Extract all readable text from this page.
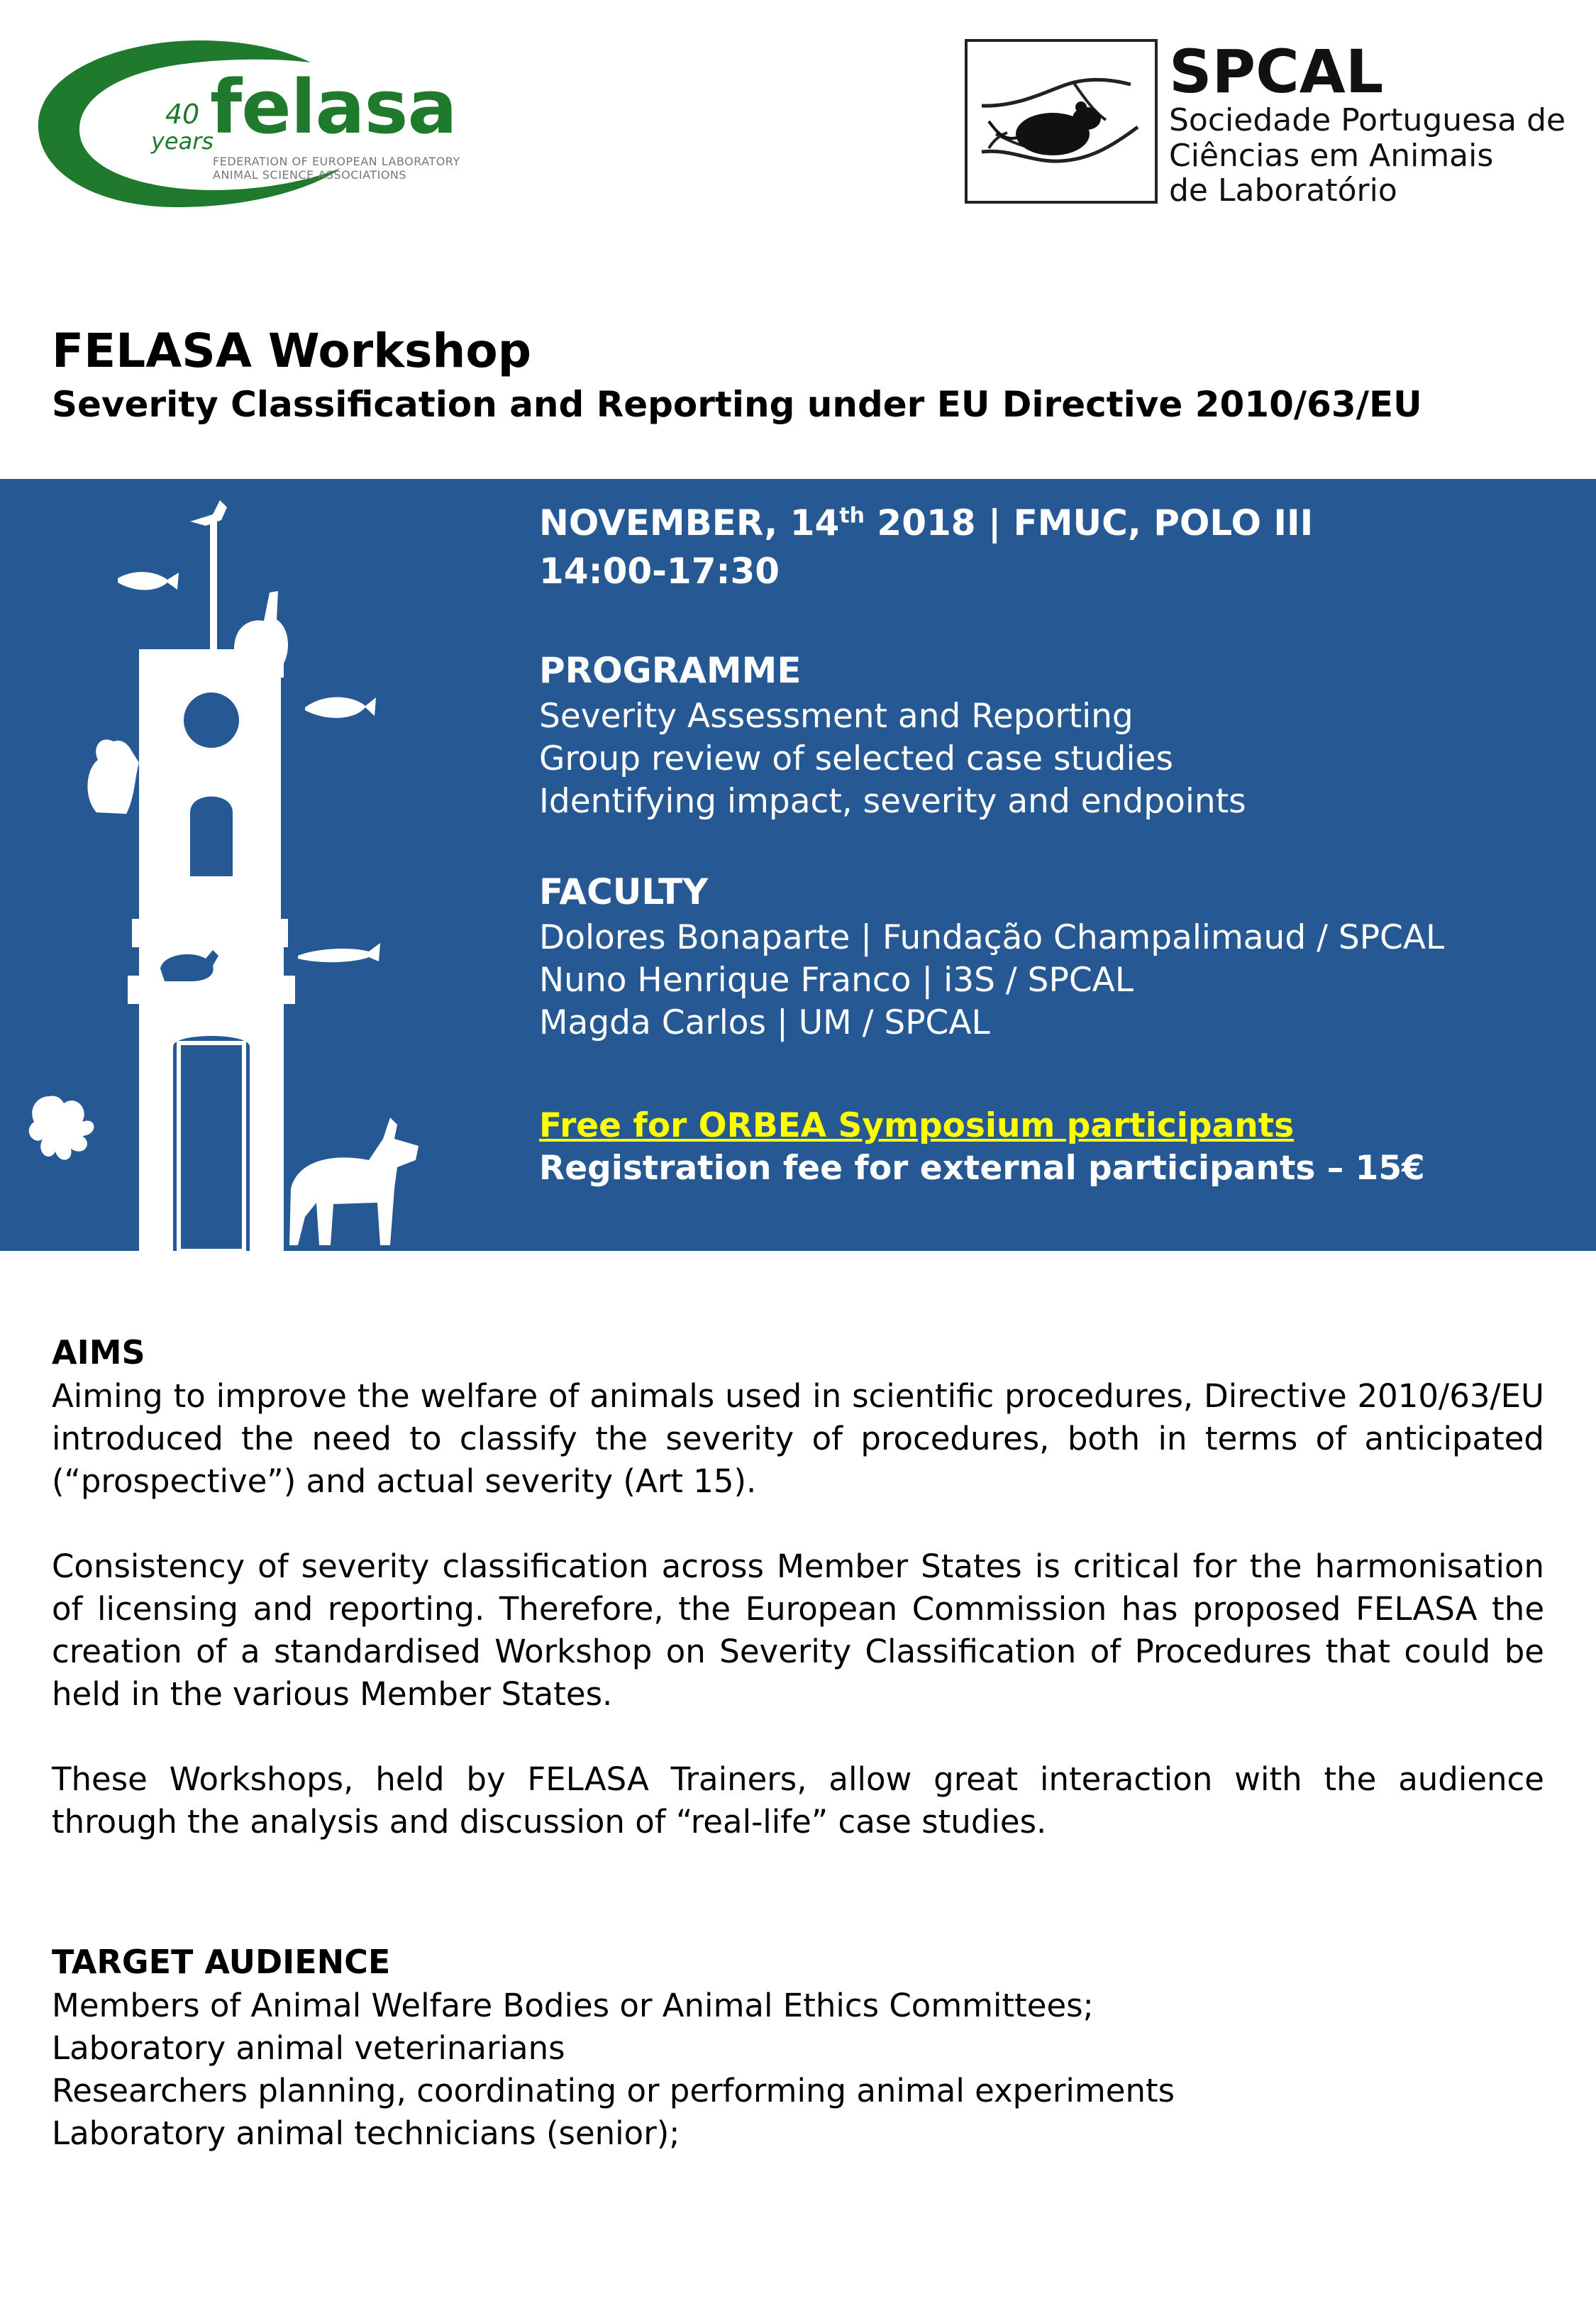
40
years
felasa
FEDERATION OF EUROPEAN LABORATORY
ANIMAL SCIENCE ASSOCIATIONS
SPCAL
Sociedade Portuguesa de
Ciências em Animais
de Laboratório
FELASA Workshop
Severity Classification and Reporting under EU Directive 2010/63/EU
NOVEMBER, 14th 2018 | FMUC, POLO III
14:00-17:30
PROGRAMME
Severity Assessment and Reporting
Group review of selected case studies
Identifying impact, severity and endpoints
FACULTY
Dolores Bonaparte | Fundação Champalimaud / SPCAL
Nuno Henrique Franco | i3S / SPCAL
Magda Carlos | UM / SPCAL
Free for ORBEA Symposium participants
Registration fee for external participants – 15€
AIMS
Aiming to improve the welfare of animals used in scientific procedures, Directive 2010/63/EU introduced the need to classify the severity of procedures, both in terms of anticipated (“prospective”) and actual severity (Art 15).
Consistency of severity classification across Member States is critical for the harmonisation of licensing and reporting. Therefore, the European Commission has proposed FELASA the creation of a standardised Workshop on Severity Classification of Procedures that could be held in the various Member States.
These Workshops, held by FELASA Trainers, allow great interaction with the audience through the analysis and discussion of “real-life” case studies.
TARGET AUDIENCE
Members of Animal Welfare Bodies or Animal Ethics Committees;
Laboratory animal veterinarians
Researchers planning, coordinating or performing animal experiments
Laboratory animal technicians (senior);
